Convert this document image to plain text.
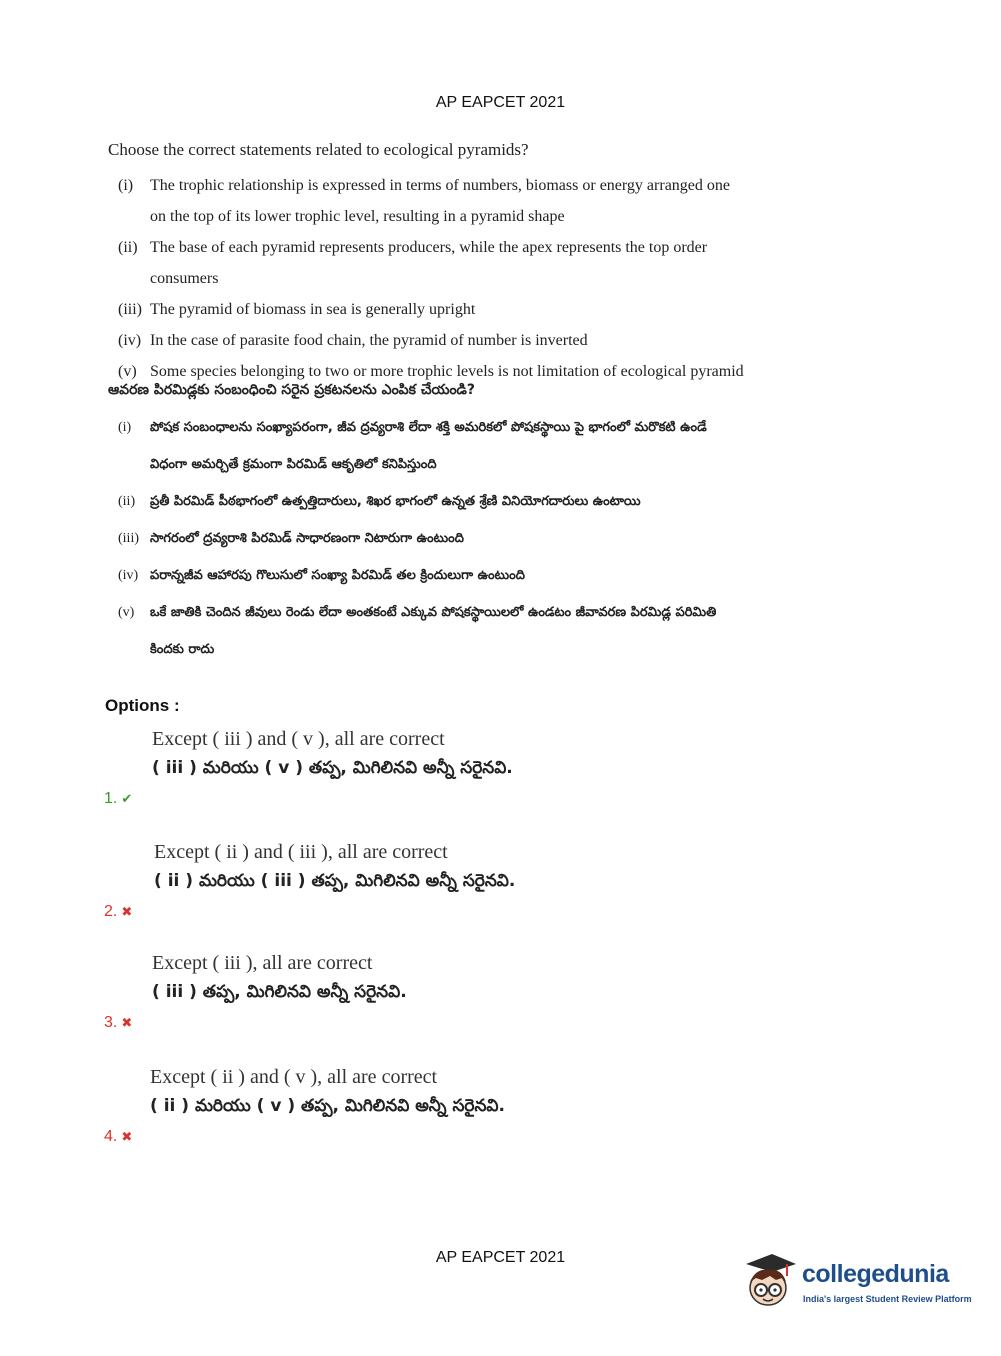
AP EAPCET 2021

Choose the correct statements related to ecological pyramids?

(i)	The trophic relationship is expressed in terms of numbers, biomass or energy arranged one on the top of its lower trophic level, resulting in a pyramid shape
(ii) The base of each pyramid represents producers, while the apex represents the top order consumers
(iii) The pyramid of biomass in sea is generally upright
(iv) In the case of parasite food chain, the pyramid of number is inverted
(v) Some species belonging to two or more trophic levels is not limitation of ecological pyramid

ఆవరణ పిరమిడ్లకు సంబంధించి సరైన ప్రకటనలను ఎంపిక చేయండి?

(i)	పోషక సంబంధాలను సంఖ్యాపరంగా, జీవ ద్రవ్యరాశి లేదా శక్తి అమరికలో పోషకస్థాయి పై భాగంలో మరొకటి ఉండే విధంగా అమర్చితే క్రమంగా పిరమిడ్ ఆకృతిలో కనిపిస్తుంది
(ii)	ప్రతీ పిరమిడ్ పీఠభాగంలో ఉత్పత్తిదారులు, శిఖర భాగంలో ఉన్నత శ్రేణి వినియోగదారులు ఉంటాయి
(iii) సాగరంలో ద్రవ్యరాశి పిరమిడ్ సాధారణంగా నిటారుగా ఉంటుంది
(iv) పరాన్నజీవ ఆహారపు గొలుసులో సంఖ్యా పిరమిడ్ తల క్రిందులుగా ఉంటుంది
(v)	ఒకే జాతికి చెందిన జీవులు రెండు లేదా అంతకంటే ఎక్కువ పోషకస్థాయిలలో ఉండటం జీవావరణ పిరమిడ్ల పరిమితి కిందకు రాదు
Options :
1. ✔
Except ( iii ) and ( v ), all are correct
( iii ) మరియు ( v ) తప్ప, మిగిలినవి అన్నీ సరైనవి.
2. ✖
Except ( ii ) and ( iii ), all are correct
( ii ) మరియు ( iii ) తప్ప, మిగిలినవి అన్నీ సరైనవి.
3. ✖
Except ( iii ), all are correct
( iii ) తప్ప, మిగిలినవి అన్నీ సరైనవి.
4. ✖
Except ( ii ) and ( v ), all are correct
( ii ) మరియు ( v ) తప్ప, మిగిలినవి అన్నీ సరైనవి.
AP EAPCET 2021
collegedunia
India's largest Student Review Platform
